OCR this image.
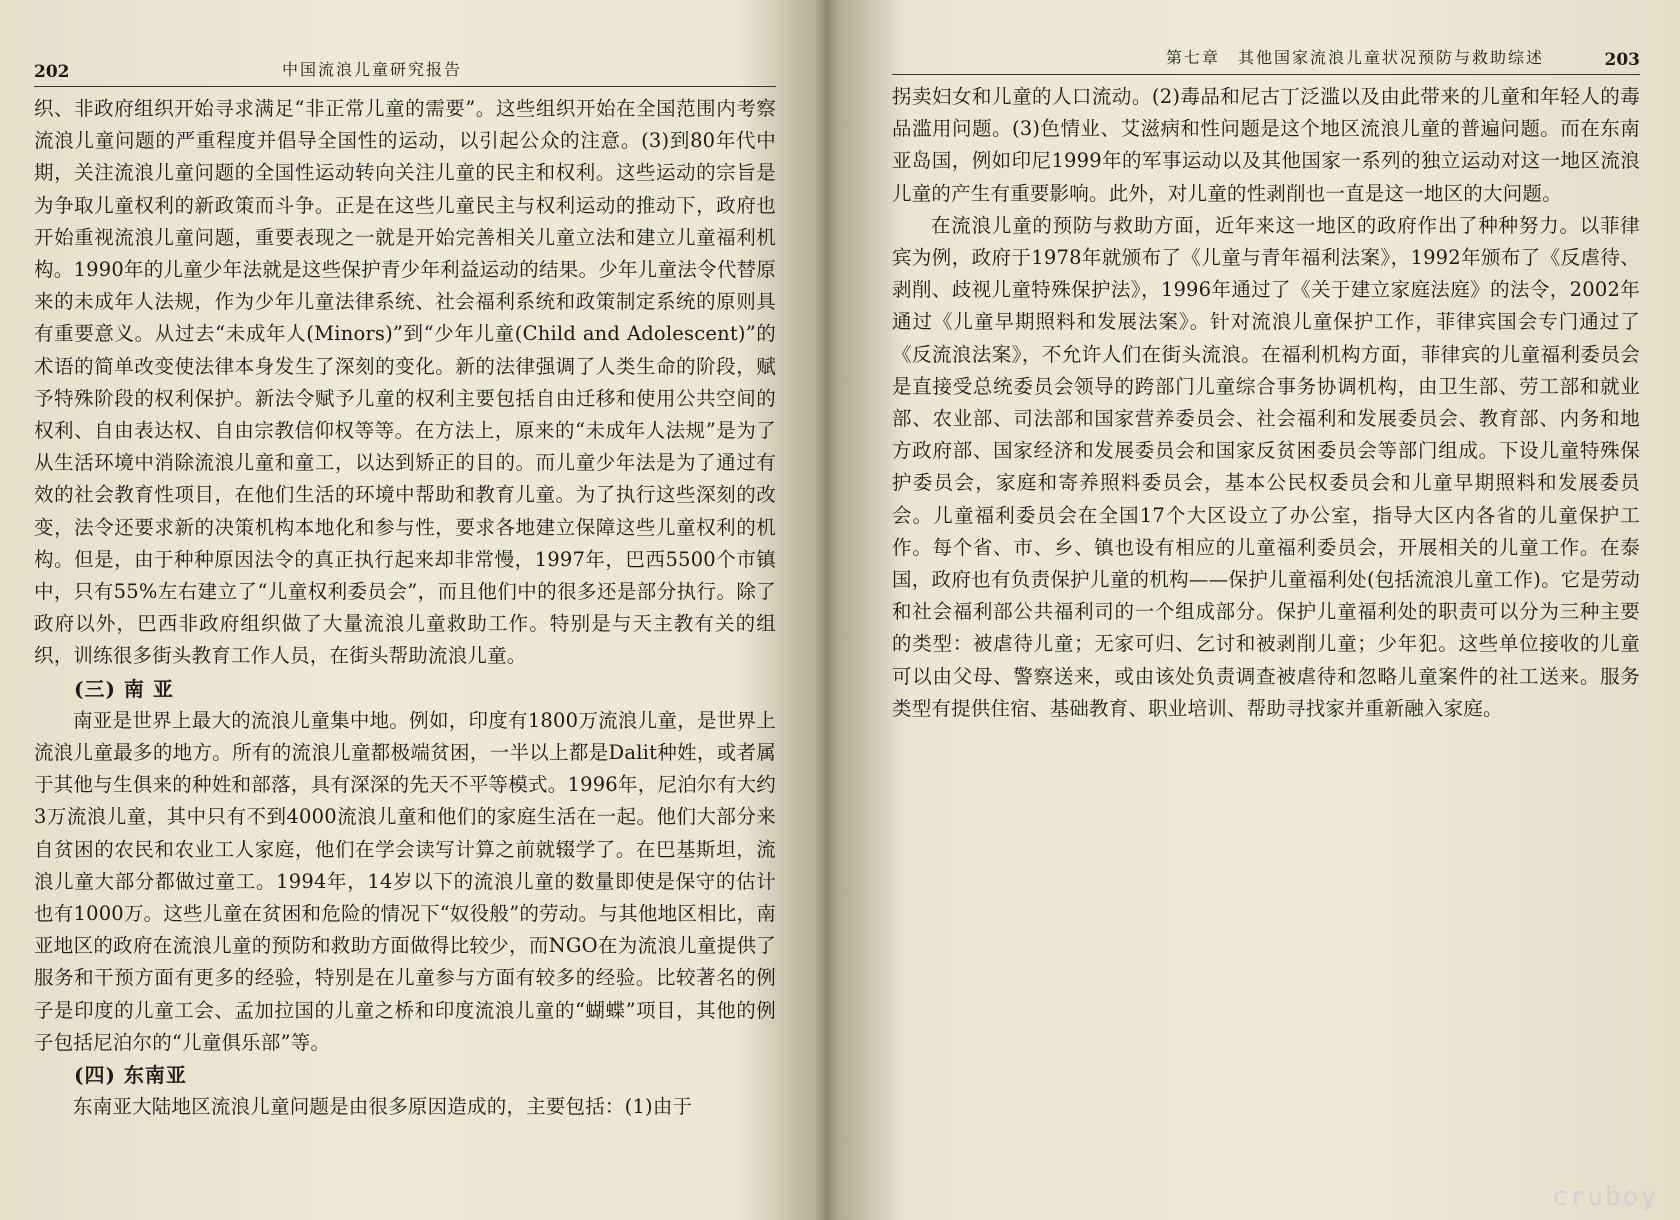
202	中国流浪儿童研究报告

织、非政府组织开始寻求满足“非正常儿童的需要”。这些组织开始在全国范围内考察流浪儿童问题的严重程度并倡导全国性的运动，以引起公众的注意。(3)到80年代中期，关注流浪儿童问题的全国性运动转向关注儿童的民主和权利。这些运动的宗旨是为争取儿童权利的新政策而斗争。正是在这些儿童民主与权利运动的推动下，政府也开始重视流浪儿童问题，重要表现之一就是开始完善相关儿童立法和建立儿童福利机构。1990年的儿童少年法就是这些保护青少年利益运动的结果。少年儿童法令代替原来的未成年人法规，作为少年儿童法律系统、社会福利系统和政策制定系统的原则具有重要意义。从过去“未成年人(Minors)”到“少年儿童(Child and Adolescent)”的术语的简单改变使法律本身发生了深刻的变化。新的法律强调了人类生命的阶段，赋予特殊阶段的权利保护。新法令赋予儿童的权利主要包括自由迁移和使用公共空间的权利、自由表达权、自由宗教信仰权等等。在方法上，原来的“未成年人法规”是为了从生活环境中消除流浪儿童和童工，以达到矫正的目的。而儿童少年法是为了通过有效的社会教育性项目，在他们生活的环境中帮助和教育儿童。为了执行这些深刻的改变，法令还要求新的决策机构本地化和参与性，要求各地建立保障这些儿童权利的机构。但是，由于种种原因法令的真正执行起来却非常慢，1997年，巴西5500个市镇中，只有55%左右建立了“儿童权利委员会”，而且他们中的很多还是部分执行。除了政府以外，巴西非政府组织做了大量流浪儿童救助工作。特别是与天主教有关的组织，训练很多街头教育工作人员，在街头帮助流浪儿童。

(三) 南 亚

南亚是世界上最大的流浪儿童集中地。例如，印度有1800万流浪儿童，是世界上流浪儿童最多的地方。所有的流浪儿童都极端贫困，一半以上都是Dalit种姓，或者属于其他与生俱来的种姓和部落，具有深深的先天不平等模式。1996年，尼泊尔有大约3万流浪儿童，其中只有不到4000流浪儿童和他们的家庭生活在一起。他们大部分来自贫困的农民和农业工人家庭，他们在学会读写计算之前就辍学了。在巴基斯坦，流浪儿童大部分都做过童工。1994年，14岁以下的流浪儿童的数量即使是保守的估计也有1000万。这些儿童在贫困和危险的情况下“奴役般”的劳动。与其他地区相比，南亚地区的政府在流浪儿童的预防和救助方面做得比较少，而NGO在为流浪儿童提供了服务和干预方面有更多的经验，特别是在儿童参与方面有较多的经验。比较著名的例子是印度的儿童工会、孟加拉国的儿童之桥和印度流浪儿童的“蝴蝶”项目，其他的例子包括尼泊尔的“儿童俱乐部”等。

(四) 东南亚

东南亚大陆地区流浪儿童问题是由很多原因造成的，主要包括：(1)由于

第七章　其他国家流浪儿童状况预防与救助综述	203

拐卖妇女和儿童的人口流动。(2)毒品和尼古丁泛滥以及由此带来的儿童和年轻人的毒品滥用问题。(3)色情业、艾滋病和性问题是这个地区流浪儿童的普遍问题。而在东南亚岛国，例如印尼1999年的军事运动以及其他国家一系列的独立运动对这一地区流浪儿童的产生有重要影响。此外，对儿童的性剥削也一直是这一地区的大问题。

在流浪儿童的预防与救助方面，近年来这一地区的政府作出了种种努力。以菲律宾为例，政府于1978年就颁布了《儿童与青年福利法案》，1992年颁布了《反虐待、剥削、歧视儿童特殊保护法》，1996年通过了《关于建立家庭法庭》的法令，2002年通过《儿童早期照料和发展法案》。针对流浪儿童保护工作，菲律宾国会专门通过了《反流浪法案》，不允许人们在街头流浪。在福利机构方面，菲律宾的儿童福利委员会是直接受总统委员会领导的跨部门儿童综合事务协调机构，由卫生部、劳工部和就业部、农业部、司法部和国家营养委员会、社会福利和发展委员会、教育部、内务和地方政府部、国家经济和发展委员会和国家反贫困委员会等部门组成。下设儿童特殊保护委员会，家庭和寄养照料委员会，基本公民权委员会和儿童早期照料和发展委员会。儿童福利委员会在全国17个大区设立了办公室，指导大区内各省的儿童保护工作。每个省、市、乡、镇也设有相应的儿童福利委员会，开展相关的儿童工作。在泰国，政府也有负责保护儿童的机构——保护儿童福利处(包括流浪儿童工作)。它是劳动和社会福利部公共福利司的一个组成部分。保护儿童福利处的职责可以分为三种主要的类型：被虐待儿童；无家可归、乞讨和被剥削儿童；少年犯。这些单位接收的儿童可以由父母、警察送来，或由该处负责调查被虐待和忽略儿童案件的社工送来。服务类型有提供住宿、基础教育、职业培训、帮助寻找家并重新融入家庭。

cruboy
